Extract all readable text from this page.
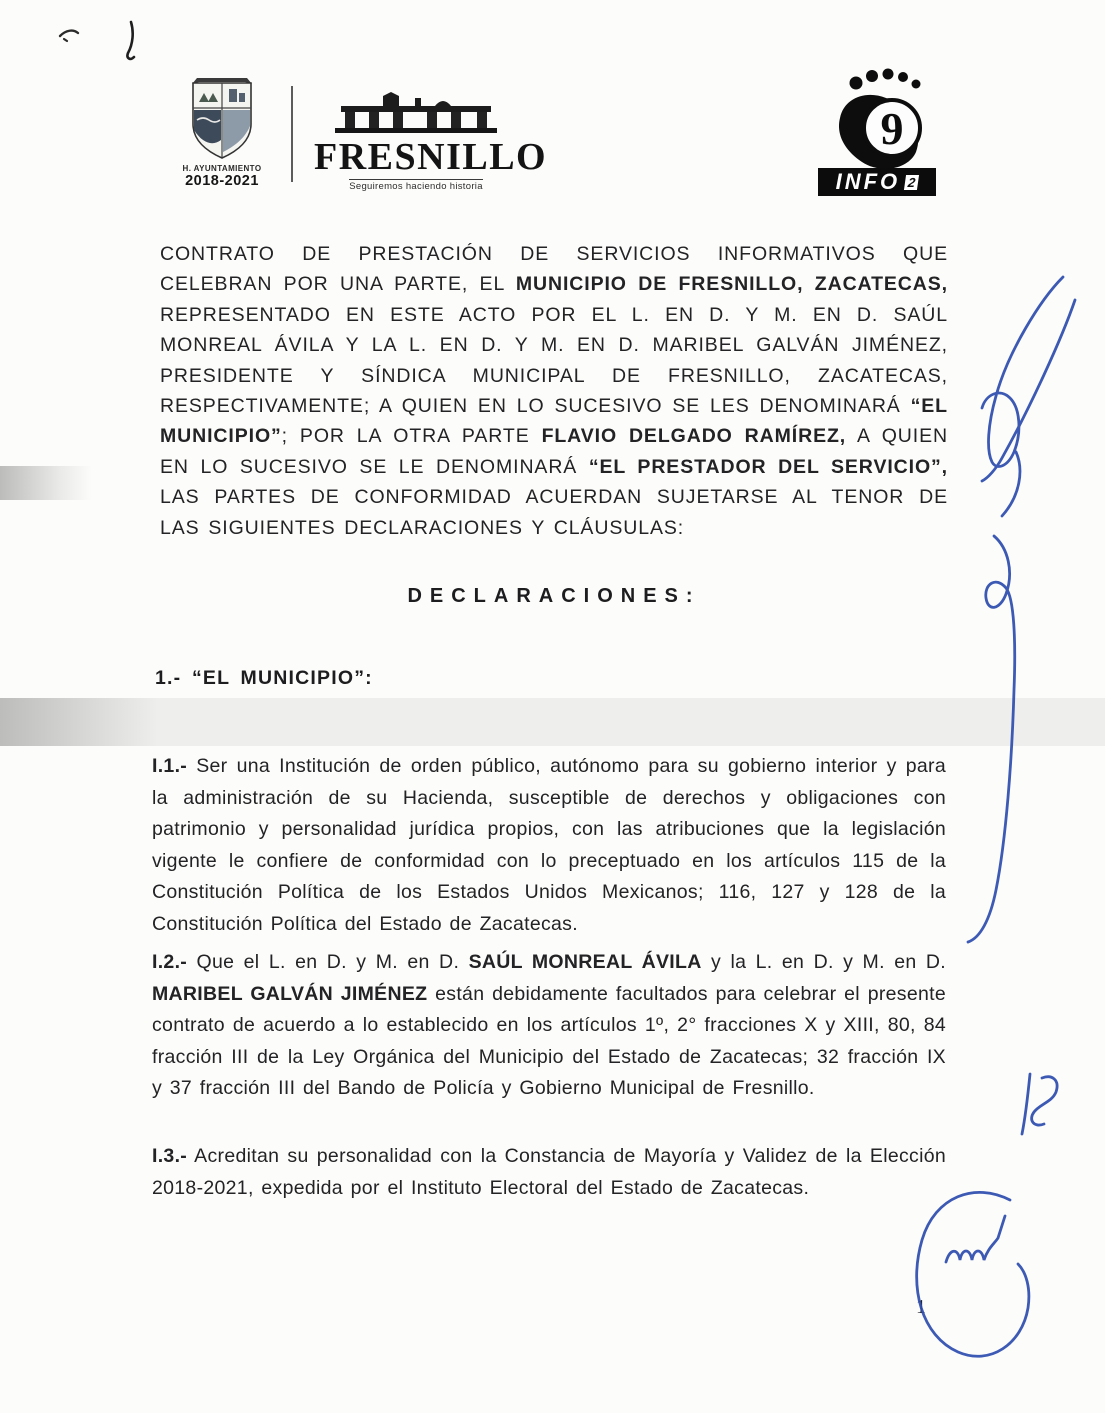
H. AYUNTAMIENTO
2018-2021
FRESNILLO
Seguiremos haciendo historia
9
INFO 2

CONTRATO DE PRESTACIÓN DE SERVICIOS INFORMATIVOS QUE CELEBRAN POR UNA PARTE, EL MUNICIPIO DE FRESNILLO, ZACATECAS, REPRESENTADO EN ESTE ACTO POR EL L. EN D. Y M. EN D. SAÚL MONREAL ÁVILA Y LA L. EN D. Y M. EN D. MARIBEL GALVÁN JIMÉNEZ, PRESIDENTE Y SÍNDICA MUNICIPAL DE FRESNILLO, ZACATECAS, RESPECTIVAMENTE; A QUIEN EN LO SUCESIVO SE LES DENOMINARÁ “EL MUNICIPIO”; POR LA OTRA PARTE FLAVIO DELGADO RAMÍREZ, A QUIEN EN LO SUCESIVO SE LE DENOMINARÁ “EL PRESTADOR DEL SERVICIO”, LAS PARTES DE CONFORMIDAD ACUERDAN SUJETARSE AL TENOR DE LAS SIGUIENTES DECLARACIONES Y CLÁUSULAS:

DECLARACIONES:
1.- “EL MUNICIPIO”:

I.1.- Ser una Institución de orden público, autónomo para su gobierno interior y para la administración de su Hacienda, susceptible de derechos y obligaciones con patrimonio y personalidad jurídica propios, con las atribuciones que la legislación vigente le confiere de conformidad con lo preceptuado en los artículos 115 de la Constitución Política de los Estados Unidos Mexicanos; 116, 127 y 128 de la Constitución Política del Estado de Zacatecas.

I.2.- Que el L. en D. y M. en D. SAÚL MONREAL ÁVILA y la L. en D. y M. en D. MARIBEL GALVÁN JIMÉNEZ están debidamente facultados para celebrar el presente contrato de acuerdo a lo establecido en los artículos 1º, 2° fracciones X y XIII, 80, 84 fracción III de la Ley Orgánica del Municipio del Estado de Zacatecas; 32 fracción IX y 37 fracción III del Bando de Policía y Gobierno Municipal de Fresnillo.

I.3.- Acreditan su personalidad con la Constancia de Mayoría y Validez de la Elección 2018-2021, expedida por el Instituto Electoral del Estado de Zacatecas.

1
